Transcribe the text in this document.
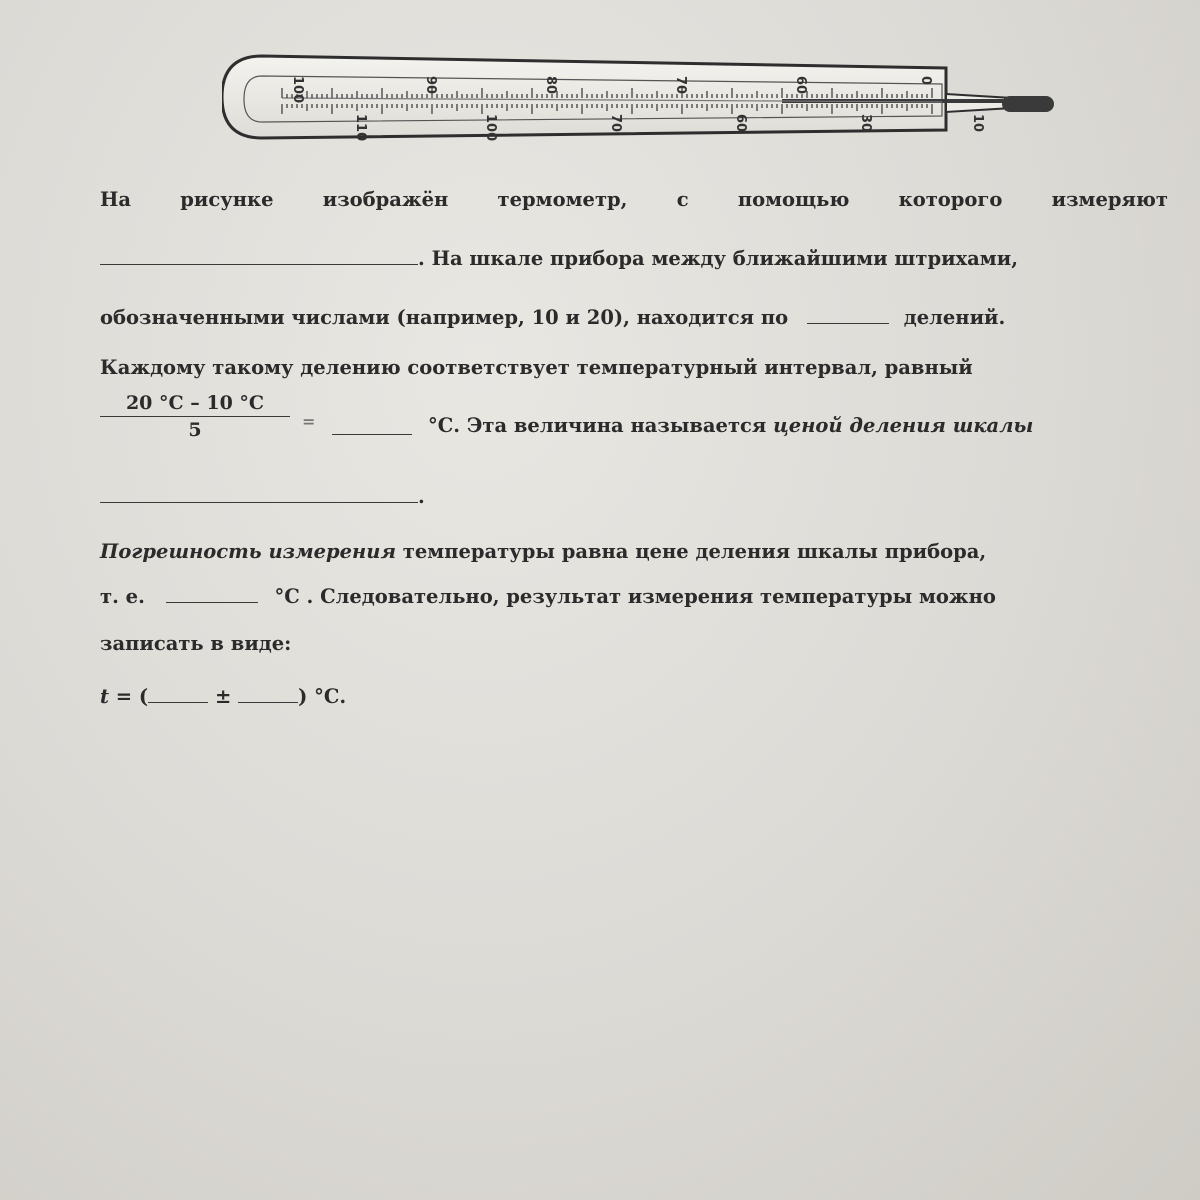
100	90	80	70	60	0
110	100	70	60	30	10
На	рисунке	изображён	термометр,	с	помощью	которого	измеряют
. На шкале прибора между ближайшими штрихами,
обозначенными числами (например, 10 и 20), находится по	делений.
Каждому такому делению соответствует температурный интервал, равный
20 °С – 10 °С
5	=	°С. Эта величина называется ценой деления шкалы
.
Погрешность измерения температуры равна цене деления шкалы прибора,
т. е.	°С . Следовательно, результат измерения температуры можно
записать в виде:
t = (	±	) °С.
